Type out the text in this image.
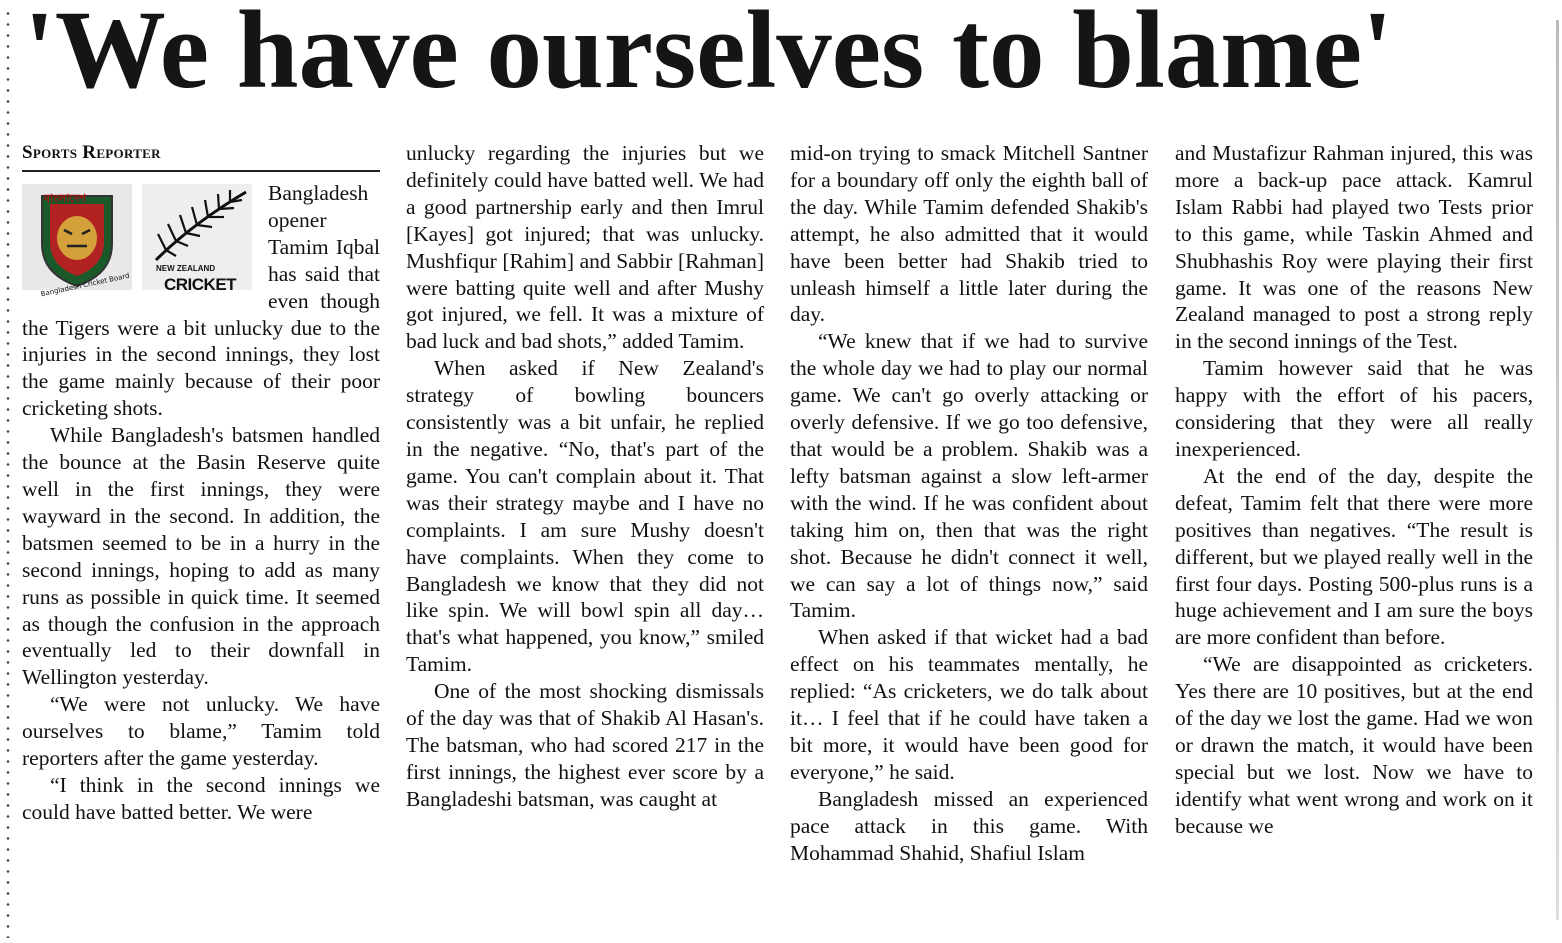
'We have ourselves to blame'
Sports Reporter
বাংলাদেশ
Bangladesh Cricket Board
NEW ZEALAND
CRICKET

Bangladesh opener Tamim Iqbal has said that even though the Tigers were a bit unlucky due to the injuries in the second innings, they lost the game mainly because of their poor cricketing shots.

While Bangladesh's batsmen handled the bounce at the Basin Reserve quite well in the first innings, they were wayward in the second. In addition, the batsmen seemed to be in a hurry in the second innings, hoping to add as many runs as possible in quick time. It seemed as though the confusion in the approach eventually led to their downfall in Wellington yesterday.

“We were not unlucky. We have ourselves to blame,” Tamim told reporters after the game yesterday.

“I think in the second innings we could have batted better. We were

unlucky regarding the injuries but we definitely could have batted well. We had a good partnership early and then Imrul [Kayes] got injured; that was unlucky. Mushfiqur [Rahim] and Sabbir [Rahman] were batting quite well and after Mushy got injured, we fell. It was a mixture of bad luck and bad shots,” added Tamim.

When asked if New Zealand's strategy of bowling bouncers consistently was a bit unfair, he replied in the negative. “No, that's part of the game. You can't complain about it. That was their strategy maybe and I have no complaints. I am sure Mushy doesn't have complaints. When they come to Bangladesh we know that they did not like spin. We will bowl spin all day… that's what happened, you know,” smiled Tamim.

One of the most shocking dismissals of the day was that of Shakib Al Hasan's. The batsman, who had scored 217 in the first innings, the highest ever score by a Bangladeshi batsman, was caught at

mid-on trying to smack Mitchell Santner for a boundary off only the eighth ball of the day. While Tamim defended Shakib's attempt, he also admitted that it would have been better had Shakib tried to unleash himself a little later during the day.

“We knew that if we had to survive the whole day we had to play our normal game. We can't go overly attacking or overly defensive. If we go too defensive, that would be a problem. Shakib was a lefty batsman against a slow left-armer with the wind. If he was confident about taking him on, then that was the right shot. Because he didn't connect it well, we can say a lot of things now,” said Tamim.

When asked if that wicket had a bad effect on his teammates mentally, he replied: “As cricketers, we do talk about it… I feel that if he could have taken a bit more, it would have been good for everyone,” he said.

Bangladesh missed an experienced pace attack in this game. With Mohammad Shahid, Shafiul Islam

and Mustafizur Rahman injured, this was more a back-up pace attack. Kamrul Islam Rabbi had played two Tests prior to this game, while Taskin Ahmed and Shubhashis Roy were playing their first game. It was one of the reasons New Zealand managed to post a strong reply in the second innings of the Test.

Tamim however said that he was happy with the effort of his pacers, considering that they were all really inexperienced.

At the end of the day, despite the defeat, Tamim felt that there were more positives than negatives. “The result is different, but we played really well in the first four days. Posting 500-plus runs is a huge achievement and I am sure the boys are more confident than before.

“We are disappointed as cricketers. Yes there are 10 positives, but at the end of the day we lost the game. Had we won or drawn the match, it would have been special but we lost. Now we have to identify what went wrong and work on it because we
